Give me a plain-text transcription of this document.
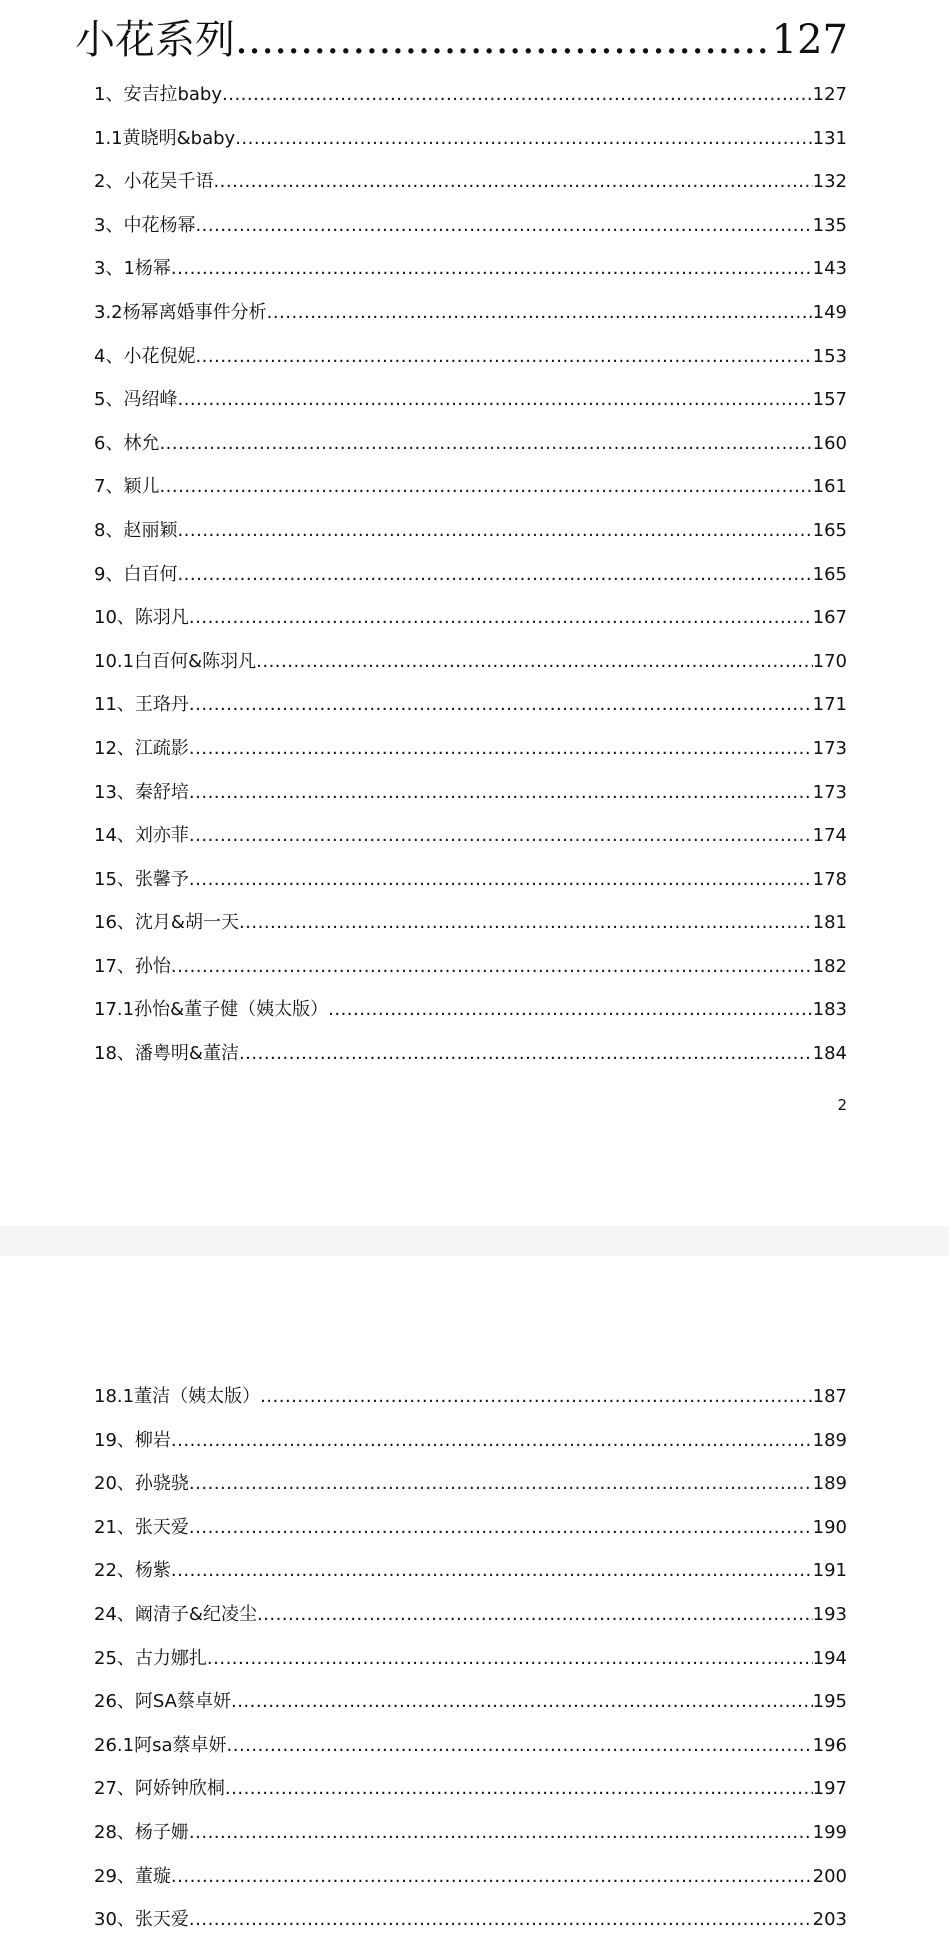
小花系列 .....	127
1、安吉拉baby .....	127
1.1黄晓明&baby .....	131
2、小花吴千语 .....	132
3、中花杨幂 .....	135
3、1杨幂 .....	143
3.2杨幂离婚事件分析 .....	149
4、小花倪妮 .....	153
5、冯绍峰 .....	157
6、林允 .....	160
7、颖儿 .....	161
8、赵丽颖 .....	165
9、白百何 .....	165
10、陈羽凡 .....	167
10.1白百何&陈羽凡 .....	170
11、王珞丹 .....	171
12、江疏影 .....	173
13、秦舒培 .....	173
14、刘亦菲 .....	174
15、张馨予 .....	178
16、沈月&胡一天 .....	181
17、孙怡 .....	182
17.1孙怡&董子健（姨太版） .....	183
18、潘粤明&董洁 .....	184
2
18.1董洁（姨太版） .....	187
19、柳岩 .....	189
20、孙骁骁 .....	189
21、张天爱 .....	190
22、杨紫 .....	191
24、阚清子&纪凌尘 .....	193
25、古力娜扎 .....	194
26、阿SA蔡卓妍 .....	195
26.1阿sa蔡卓妍 .....	196
27、阿娇钟欣桐 .....	197
28、杨子姗 .....	199
29、董璇 .....	200
30、张天爱 .....	203
